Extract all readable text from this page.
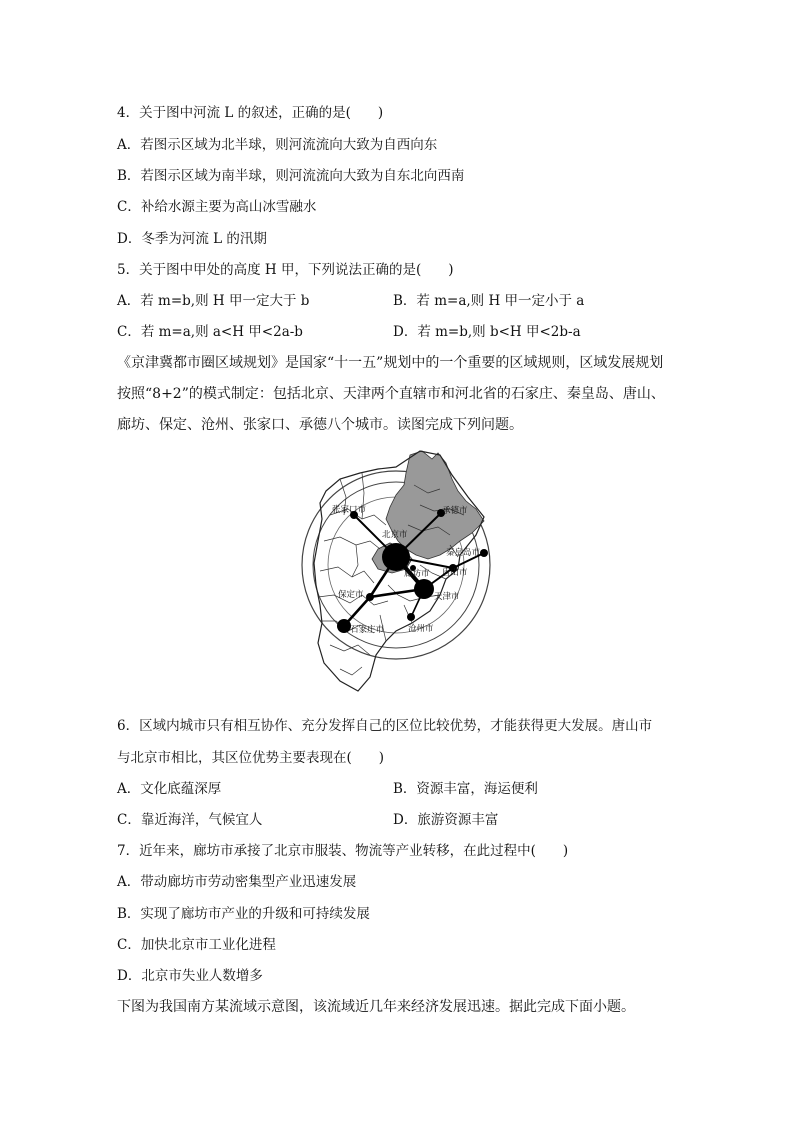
4．关于图中河流 L 的叙述，正确的是(　　)
A．若图示区域为北半球，则河流流向大致为自西向东
B．若图示区域为南半球，则河流流向大致为自东北向西南
C．补给水源主要为高山冰雪融水
D．冬季为河流 L 的汛期
5．关于图中甲处的高度 H 甲，下列说法正确的是(　　)
A．若 m=b,则 H 甲一定大于 b	B．若 m=a,则 H 甲一定小于 a
C．若 m=a,则 a<H 甲<2a-b	D．若 m=b,则 b<H 甲<2b-a
《京津冀都市圈区域规划》是国家“十一五”规划中的一个重要的区域规则，区域发展规划
按照“8+2”的模式制定：包括北京、天津两个直辖市和河北省的石家庄、秦皇岛、唐山、
廊坊、保定、沧州、张家口、承德八个城市。读图完成下列问题。
北京市
天津市
廊坊市 唐山市
秦皇岛市
承德市
张家口市
保定市
石家庄市	沧州市
6．区域内城市只有相互协作、充分发挥自己的区位比较优势，才能获得更大发展。唐山市
与北京市相比，其区位优势主要表现在(　　)
A．文化底蕴深厚	B．资源丰富，海运便利
C．靠近海洋，气候宜人	D．旅游资源丰富
7．近年来，廊坊市承接了北京市服装、物流等产业转移，在此过程中(　　)
A．带动廊坊市劳动密集型产业迅速发展
B．实现了廊坊市产业的升级和可持续发展
C．加快北京市工业化进程
D．北京市失业人数增多
下图为我国南方某流域示意图，该流域近几年来经济发展迅速。据此完成下面小题。
